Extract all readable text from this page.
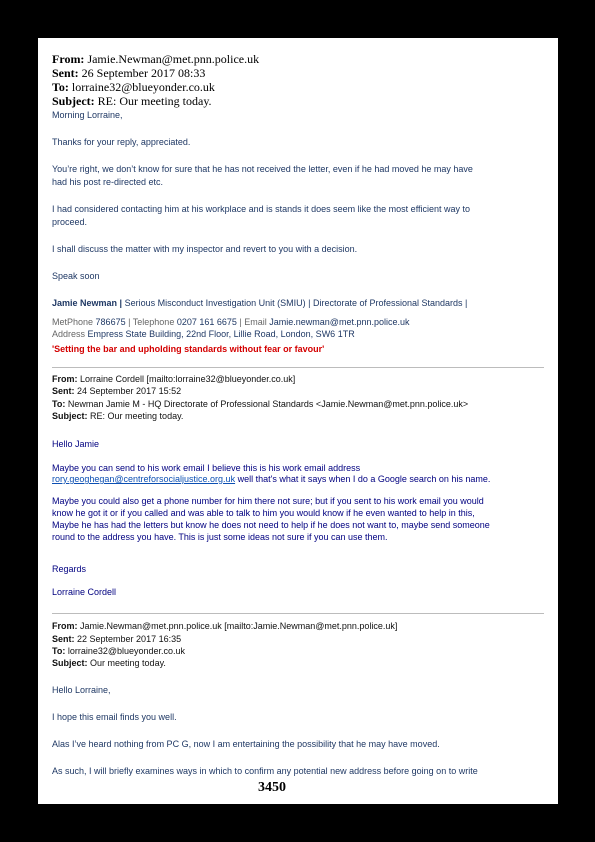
From: Jamie.Newman@met.pnn.police.uk
Sent: 26 September 2017 08:33
To: lorraine32@blueyonder.co.uk
Subject: RE: Our meeting today.
Morning Lorraine,
Thanks for your reply, appreciated.
You’re right, we don’t know for sure that he has not received the letter, even if he had moved he may have
had his post re-directed etc.
I had considered contacting him at his workplace and is stands it does seem like the most efficient way to
proceed.
I shall discuss the matter with my inspector and revert to you with a decision.
Speak soon
Jamie Newman | Serious Misconduct Investigation Unit (SMIU) | Directorate of Professional Standards |
MetPhone 786675 | Telephone 0207 161 6675 | Email Jamie.newman@met.pnn.police.uk
Address Empress State Building, 22nd Floor, Lillie Road, London, SW6 1TR
'Setting the bar and upholding standards without fear or favour'
From: Lorraine Cordell [mailto:lorraine32@blueyonder.co.uk]
Sent: 24 September 2017 15:52
To: Newman Jamie M - HQ Directorate of Professional Standards <Jamie.Newman@met.pnn.police.uk>
Subject: RE: Our meeting today.
Hello Jamie
Maybe you can send to his work email I believe this is his work email address
rory.geoghegan@centreforsocialjustice.org.uk well that's what it says when I do a Google search on his name.
Maybe you could also get a phone number for him there not sure; but if you sent to his work email you would
know he got it or if you called and was able to talk to him you would know if he even wanted to help in this,
Maybe he has had the letters but know he does not need to help if he does not want to, maybe send someone
round to the address you have. This is just some ideas not sure if you can use them.
Regards
Lorraine Cordell
From: Jamie.Newman@met.pnn.police.uk [mailto:Jamie.Newman@met.pnn.police.uk]
Sent: 22 September 2017 16:35
To: lorraine32@blueyonder.co.uk
Subject: Our meeting today.
Hello Lorraine,
I hope this email finds you well.
Alas I’ve heard nothing from PC G, now I am entertaining the possibility that he may have moved.
As such, I will briefly examines ways in which to confirm any potential new address before going on to write
3450
